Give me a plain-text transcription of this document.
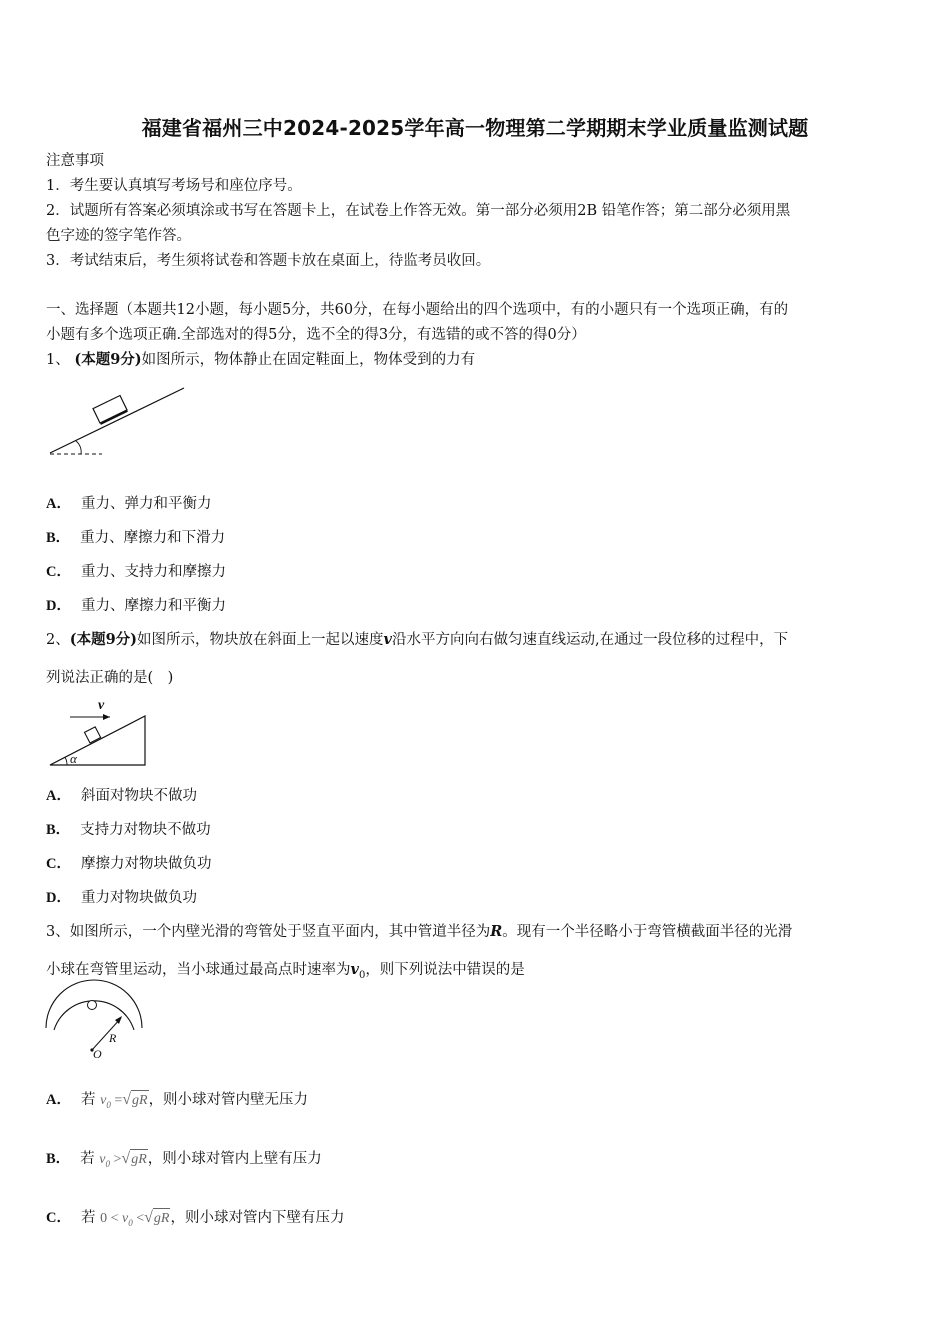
福建省福州三中2024-2025学年高一物理第二学期期末学业质量监测试题
注意事项
1．考生要认真填写考场号和座位序号。
2．试题所有答案必须填涂或书写在答题卡上，在试卷上作答无效。第一部分必须用2B 铅笔作答；第二部分必须用黑
色字迹的签字笔作答。
3．考试结束后，考生须将试卷和答题卡放在桌面上，待监考员收回。
一、选择题（本题共12小题，每小题5分，共60分，在每小题给出的四个选项中，有的小题只有一个选项正确，有的
小题有多个选项正确.全部选对的得5分，选不全的得3分，有选错的或不答的得0分）
1、 (本题9分)如图所示，物体静止在固定鞋面上，物体受到的力有
A． 重力、弹力和平衡力
B． 重力、摩擦力和下滑力
C． 重力、支持力和摩擦力
D． 重力、摩擦力和平衡力
2、(本题9分)如图所示，物块放在斜面上一起以速度v沿水平方向向右做匀速直线运动,在通过一段位移的过程中，下
列说法正确的是(　)
v
α
A． 斜面对物块不做功
B． 支持力对物块不做功
C． 摩擦力对物块做负功
D． 重力对物块做负功
3、如图所示，一个内壁光滑的弯管处于竖直平面内，其中管道半径为R。现有一个半径略小于弯管横截面半径的光滑
小球在弯管里运动，当小球通过最高点时速率为$v_0$，则下列说法中错误的是
R
O
A． 若 $v_0 =√gR$，则小球对管内壁无压力
B． 若 $v_0 >√gR$，则小球对管内上壁有压力
C． 若 $0 < v_0 <√gR$，则小球对管内下壁有压力
